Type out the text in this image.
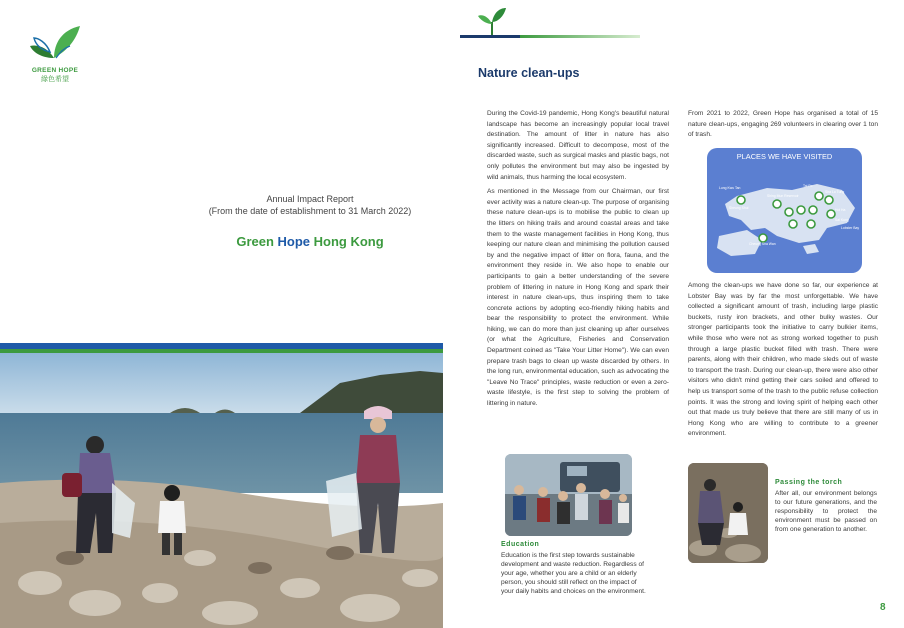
GREEN HOPE
綠色希望
Annual Impact Report
(From the date of establishment to 31 March 2022)
Green Hope Hong Kong
Nature clean-ups

During the Covid-19 pandemic, Hong Kong's beautiful natural landscape has become an increasingly popular local travel destination. The amount of litter in nature has also significantly increased. Difficult to decompose, most of the discarded waste, such as surgical masks and plastic bags, not only pollutes the environment but may also be ingested by wild animals, thus harming the local ecosystem.

As mentioned in the Message from our Chairman, our first ever activity was a nature clean-up. The purpose of organising these nature clean-ups is to mobilise the public to clean up the litters on hiking trails and around coastal areas and take them to the waste management facilities in Hong Kong, thus keeping our nature clean and minimising the pollution caused by and the negative impact of litter on flora, fauna, and the environment they reside in. We also hope to enable our participants to gain a better understanding of the severe problem of littering in nature in Hong Kong and spark their interest in nature clean-ups, thus inspiring them to take concrete actions by adopting eco-friendly hiking habits and bear the responsibility to protect the environment. While hiking, we can do more than just cleaning up after ourselves (or what the Agriculture, Fisheries and Conservation Department coined as "Take Your Litter Home"). We can even prepare trash bags to clean up waste discarded by others. In the long run, environmental education, such as advocating the "Leave No Trace" principles, waste reduction or even a zero-waste lifestyle, is the first step to solving the problem of littering in nature.

From 2021 to 2022, Green Hope has organised a total of 15 nature clean-ups, engaging 269 volunteers in clearing over 1 ton of trash.
PLACES WE HAVE VISITED
Lung Kwu Tan	Tai Po
Sha Lo Tung
Shing Mun Reservoir
Sai Kung
Sheung Shui	Hoi Ha
Lobster Bay
Cheung Sha Wan
Among the clean-ups we have done so far, our experience at Lobster Bay was by far the most unforgettable. We have collected a significant amount of trash, including large plastic buckets, rusty iron brackets, and other bulky wastes. Our stronger participants took the initiative to carry bulkier items, while those who were not as strong worked together to push through a large plastic bucket filled with trash. There were parents, along with their children, who made sleds out of waste to transport the trash. During our clean-up, there were also other visitors who didn't mind getting their cars soiled and offered to help us transport some of the trash to the public refuse collection points. It was the strong and loving spirit of helping each other out that made us truly believe that there are still many of us in Hong Kong who are willing to contribute to a greener environment.
Education
Education is the first step towards sustainable development and waste reduction. Regardless of your age, whether you are a child or an elderly person, you should still reflect on the impact of your daily habits and choices on the environment.
Passing the torch
After all, our environment belongs to our future generations, and the responsibility to protect the environment must be passed on from one generation to another.
8
